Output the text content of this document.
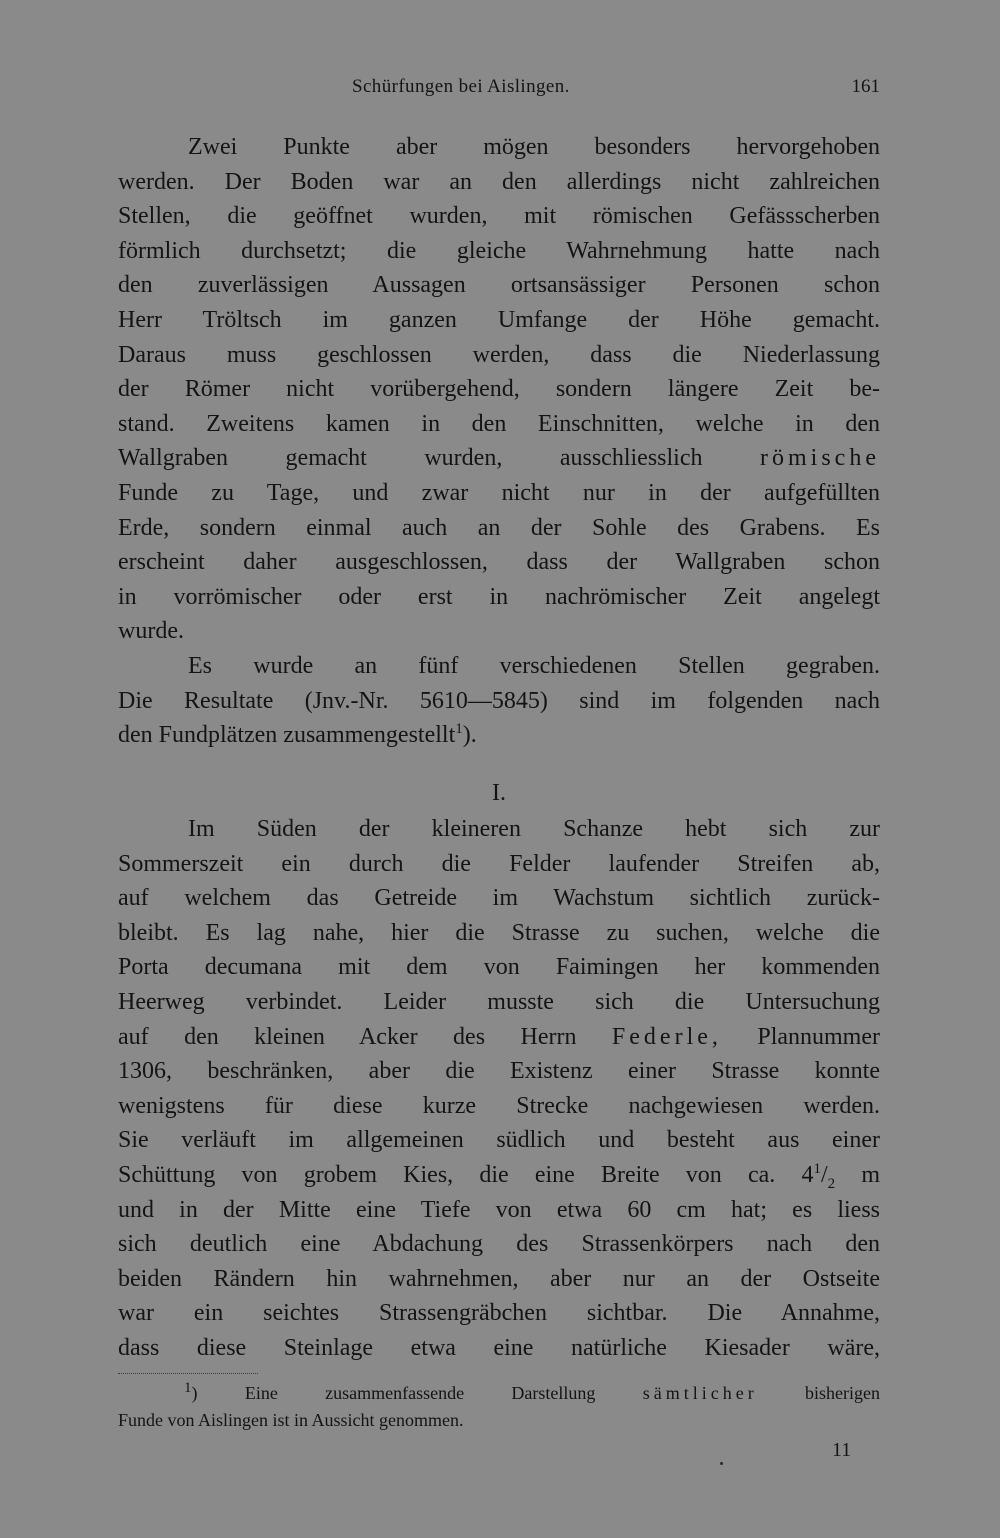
Schürfungen bei Aislingen.	161
Zwei Punkte aber mögen besonders hervorgehoben
werden. Der Boden war an den allerdings nicht zahlreichen
Stellen, die geöffnet wurden, mit römischen Gefässscherben
förmlich durchsetzt; die gleiche Wahrnehmung hatte nach
den zuverlässigen Aussagen ortsansässiger Personen schon
Herr Tröltsch im ganzen Umfange der Höhe gemacht.
Daraus muss geschlossen werden, dass die Niederlassung
der Römer nicht vorübergehend, sondern längere Zeit be-
stand. Zweitens kamen in den Einschnitten, welche in den
Wallgraben gemacht wurden, ausschliesslich römische
Funde zu Tage, und zwar nicht nur in der aufgefüllten
Erde, sondern einmal auch an der Sohle des Grabens. Es
erscheint daher ausgeschlossen, dass der Wallgraben schon
in vorrömischer oder erst in nachrömischer Zeit angelegt
wurde.
Es wurde an fünf verschiedenen Stellen gegraben.
Die Resultate (Jnv.-Nr. 5610—5845) sind im folgenden nach
den Fundplätzen zusammengestellt$^1$).
I.
Im Süden der kleineren Schanze hebt sich zur
Sommerszeit ein durch die Felder laufender Streifen ab,
auf welchem das Getreide im Wachstum sichtlich zurück-
bleibt. Es lag nahe, hier die Strasse zu suchen, welche die
Porta decumana mit dem von Faimingen her kommenden
Heerweg verbindet. Leider musste sich die Untersuchung
auf den kleinen Acker des Herrn Federle, Plannummer
1306, beschränken, aber die Existenz einer Strasse konnte
wenigstens für diese kurze Strecke nachgewiesen werden.
Sie verläuft im allgemeinen südlich und besteht aus einer
Schüttung von grobem Kies, die eine Breite von ca. $4^1/_2$ m
und in der Mitte eine Tiefe von etwa 60 cm hat; es liess
sich deutlich eine Abdachung des Strassenkörpers nach den
beiden Rändern hin wahrnehmen, aber nur an der Ostseite
war ein seichtes Strassengräbchen sichtbar. Die Annahme,
dass diese Steinlage etwa eine natürliche Kiesader wäre,
$^1$) Eine zusammenfassende Darstellung	sämtlicher	bisherigen
Funde von Aislingen ist in Aussicht genommen.
11
